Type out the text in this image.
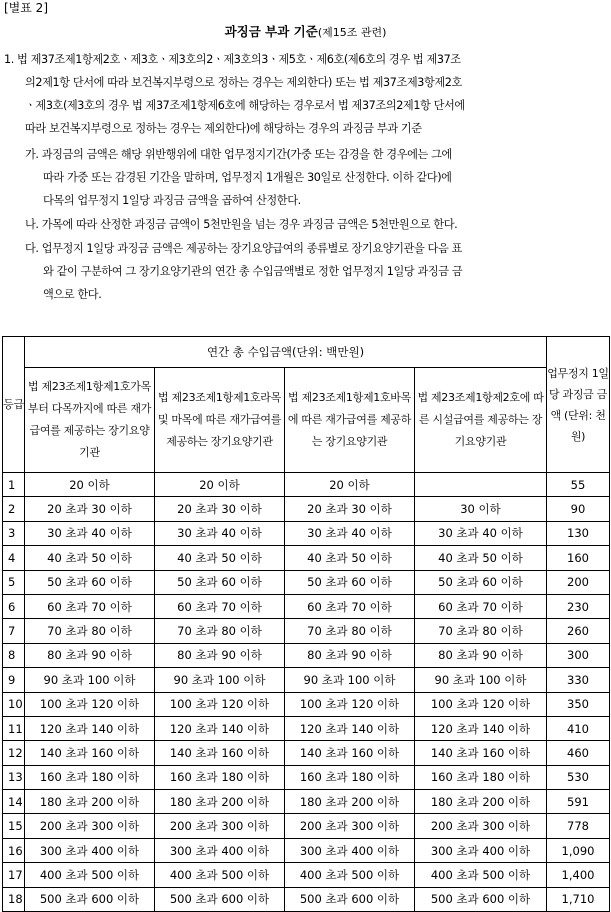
[별표 2]
과징금 부과 기준(제15조 관련)
1. 법 제37조제1항제2호ㆍ제3호ㆍ제3호의2ㆍ제3호의3ㆍ제5호ㆍ제6호(제6호의 경우 법 제37조
의2제1항 단서에 따라 보건복지부령으로 정하는 경우는 제외한다) 또는 법 제37조제3항제2호
ㆍ제3호(제3호의 경우 법 제37조제1항제6호에 해당하는 경우로서 법 제37조의2제1항 단서에
따라 보건복지부령으로 정하는 경우는 제외한다)에 해당하는 경우의 과징금 부과 기준
가. 과징금의 금액은 해당 위반행위에 대한 업무정지기간(가중 또는 감경을 한 경우에는 그에
따라 가중 또는 감경된 기간을 말하며, 업무정지 1개월은 30일로 산정한다. 이하 같다)에
다목의 업무정지 1일당 과징금 금액을 곱하여 산정한다.
나. 가목에 따라 산정한 과징금 금액이 5천만원을 넘는 경우 과징금 금액은 5천만원으로 한다.
다. 업무정지 1일당 과징금 금액은 제공하는 장기요양급여의 종류별로 장기요양기관을 다음 표
와 같이 구분하여 그 장기요양기관의 연간 총 수입금액별로 정한 업무정지 1일당 과징금 금
액으로 한다.
등급	연간 총 수입금액(단위: 백만원)				업무정지 1일당 과징금 금액 (단위: 천원)
	법 제23조제1항제1호가목부터 다목까지에 따른 재가급여를 제공하는 장기요양기관	법 제23조제1항제1호라목 및 마목에 따른 재가급여를 제공하는 장기요양기관	법 제23조제1항제1호바목에 따른 재가급여를 제공하는 장기요양기관	법 제23조제1항제2호에 따른 시설급여를 제공하는 장기요양기관	
1	20 이하	20 이하	20 이하		55
2	20 초과 30 이하	20 초과 30 이하	20 초과 30 이하	30 이하	90
3	30 초과 40 이하	30 초과 40 이하	30 초과 40 이하	30 초과 40 이하	130
4	40 초과 50 이하	40 초과 50 이하	40 초과 50 이하	40 초과 50 이하	160
5	50 초과 60 이하	50 초과 60 이하	50 초과 60 이하	50 초과 60 이하	200
6	60 초과 70 이하	60 초과 70 이하	60 초과 70 이하	60 초과 70 이하	230
7	70 초과 80 이하	70 초과 80 이하	70 초과 80 이하	70 초과 80 이하	260
8	80 초과 90 이하	80 초과 90 이하	80 초과 90 이하	80 초과 90 이하	300
9	90 초과 100 이하	90 초과 100 이하	90 초과 100 이하	90 초과 100 이하	330
10	100 초과 120 이하	100 초과 120 이하	100 초과 120 이하	100 초과 120 이하	350
11	120 초과 140 이하	120 초과 140 이하	120 초과 140 이하	120 초과 140 이하	410
12	140 초과 160 이하	140 초과 160 이하	140 초과 160 이하	140 초과 160 이하	460
13	160 초과 180 이하	160 초과 180 이하	160 초과 180 이하	160 초과 180 이하	530
14	180 초과 200 이하	180 초과 200 이하	180 초과 200 이하	180 초과 200 이하	591
15	200 초과 300 이하	200 초과 300 이하	200 초과 300 이하	200 초과 300 이하	778
16	300 초과 400 이하	300 초과 400 이하	300 초과 400 이하	300 초과 400 이하	1,090
17	400 초과 500 이하	400 초과 500 이하	400 초과 500 이하	400 초과 500 이하	1,400
18	500 초과 600 이하	500 초과 600 이하	500 초과 600 이하	500 초과 600 이하	1,710
